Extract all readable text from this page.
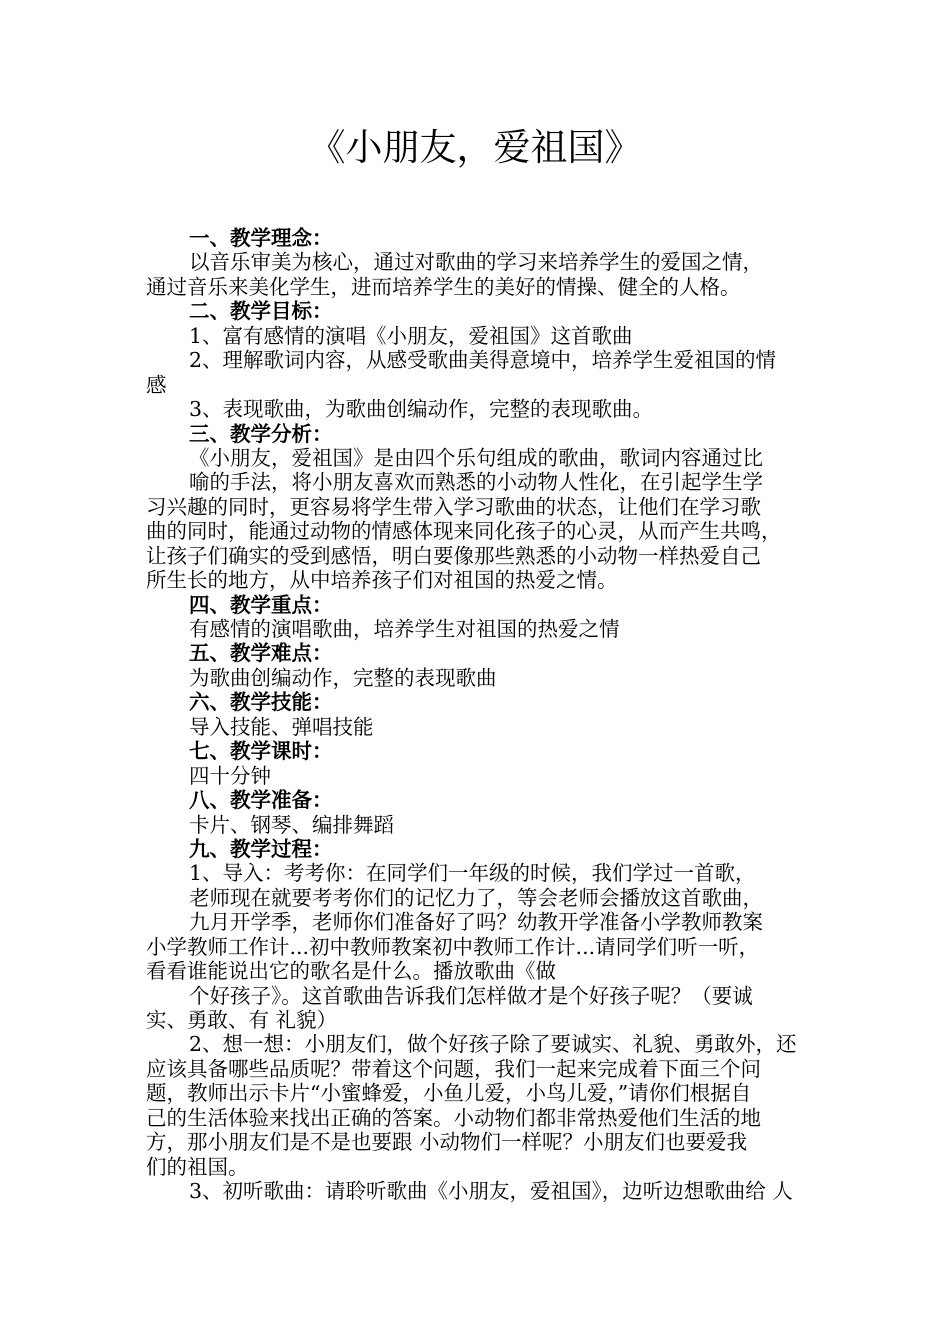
《小朋友，爱祖国》
一、教学理念：
以音乐审美为核心，通过对歌曲的学习来培养学生的爱国之情，
通过音乐来美化学生，进而培养学生的美好的情操、健全的人格。
二、教学目标：
1、富有感情的演唱《小朋友，爱祖国》这首歌曲
2、理解歌词内容，从感受歌曲美得意境中，培养学生爱祖国的情
感
3、表现歌曲，为歌曲创编动作，完整的表现歌曲。
三、教学分析：
《小朋友，爱祖国》是由四个乐句组成的歌曲，歌词内容通过比
喻的手法，将小朋友喜欢而熟悉的小动物人性化，在引起学生学
习兴趣的同时，更容易将学生带入学习歌曲的状态，让他们在学习歌
曲的同时，能通过动物的情感体现来同化孩子的心灵，从而产生共鸣，
让孩子们确实的受到感悟，明白要像那些熟悉的小动物一样热爱自己
所生长的地方，从中培养孩子们对祖国的热爱之情。
四、教学重点：
有感情的演唱歌曲，培养学生对祖国的热爱之情
五、教学难点：
为歌曲创编动作，完整的表现歌曲
六、教学技能：
导入技能、弹唱技能
七、教学课时：
四十分钟
八、教学准备：
卡片、钢琴、编排舞蹈
九、教学过程：
1、导入：考考你：在同学们一年级的时候，我们学过一首歌，
老师现在就要考考你们的记忆力了，等会老师会播放这首歌曲，
九月开学季，老师你们准备好了吗？幼教开学准备小学教师教案
小学教师工作计...初中教师教案初中教师工作计...请同学们听一听，
看看谁能说出它的歌名是什么。播放歌曲《做
个好孩子》。这首歌曲告诉我们怎样做才是个好孩子呢？（要诚
实、勇敢、有 礼貌）
2、想一想：小朋友们，做个好孩子除了要诚实、礼貌、勇敢外，还
应该具备哪些品质呢？带着这个问题，我们一起来完成着下面三个问
题，教师出示卡片“小蜜蜂爱，小鱼儿爱，小鸟儿爱，”请你们根据自
己的生活体验来找出正确的答案。小动物们都非常热爱他们生活的地
方，那小朋友们是不是也要跟 小动物们一样呢？小朋友们也要爱我
们的祖国。
3、初听歌曲：请聆听歌曲《小朋友，爱祖国》，边听边想歌曲给 人
